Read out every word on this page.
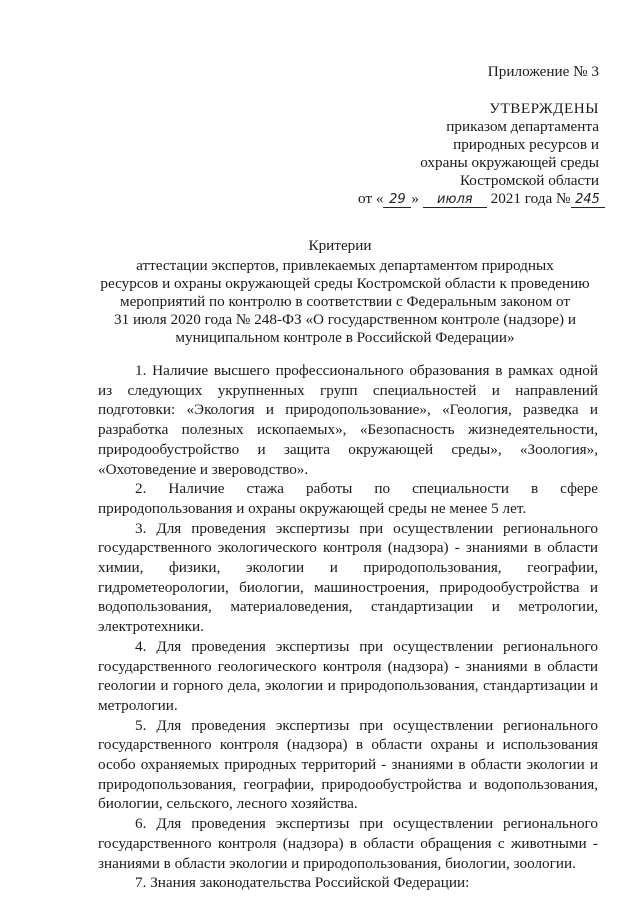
Приложение № 3
УТВЕРЖДЕНЫ
приказом департамента
природных ресурсов и
охраны окружающей среды
Костромской области
от « 29 » июля 2021 года № 245
Критерии
аттестации экспертов, привлекаемых департаментом природных
ресурсов и охраны окружающей среды Костромской области к проведению
мероприятий по контролю в соответствии с Федеральным законом от
31 июля 2020 года № 248-ФЗ «О государственном контроле (надзоре) и
муниципальном контроле в Российской Федерации»

1. Наличие высшего профессионального образования в рамках одной из следующих укрупненных групп специальностей и направлений подготовки: «Экология и природопользование», «Геология, разведка и разработка полезных ископаемых», «Безопасность жизнедеятельности, природообустройство и защита окружающей среды», «Зоология», «Охотоведение и звероводство».

2. Наличие стажа работы по специальности в сфере природопользования и охраны окружающей среды не менее 5 лет.

3. Для проведения экспертизы при осуществлении регионального государственного экологического контроля (надзора) - знаниями в области химии, физики, экологии и природопользования, географии, гидрометеорологии, биологии, машиностроения, природообустройства и водопользования, материаловедения, стандартизации и метрологии, электротехники.

4. Для проведения экспертизы при осуществлении регионального государственного геологического контроля (надзора) - знаниями в области геологии и горного дела, экологии и природопользования, стандартизации и метрологии.

5. Для проведения экспертизы при осуществлении регионального государственного контроля (надзора) в области охраны и использования особо охраняемых природных территорий - знаниями в области экологии и природопользования, географии, природообустройства и водопользования, биологии, сельского, лесного хозяйства.

6. Для проведения экспертизы при осуществлении регионального государственного контроля (надзора) в области обращения с животными - знаниями в области экологии и природопользования, биологии, зоологии.

7. Знания законодательства Российской Федерации:
